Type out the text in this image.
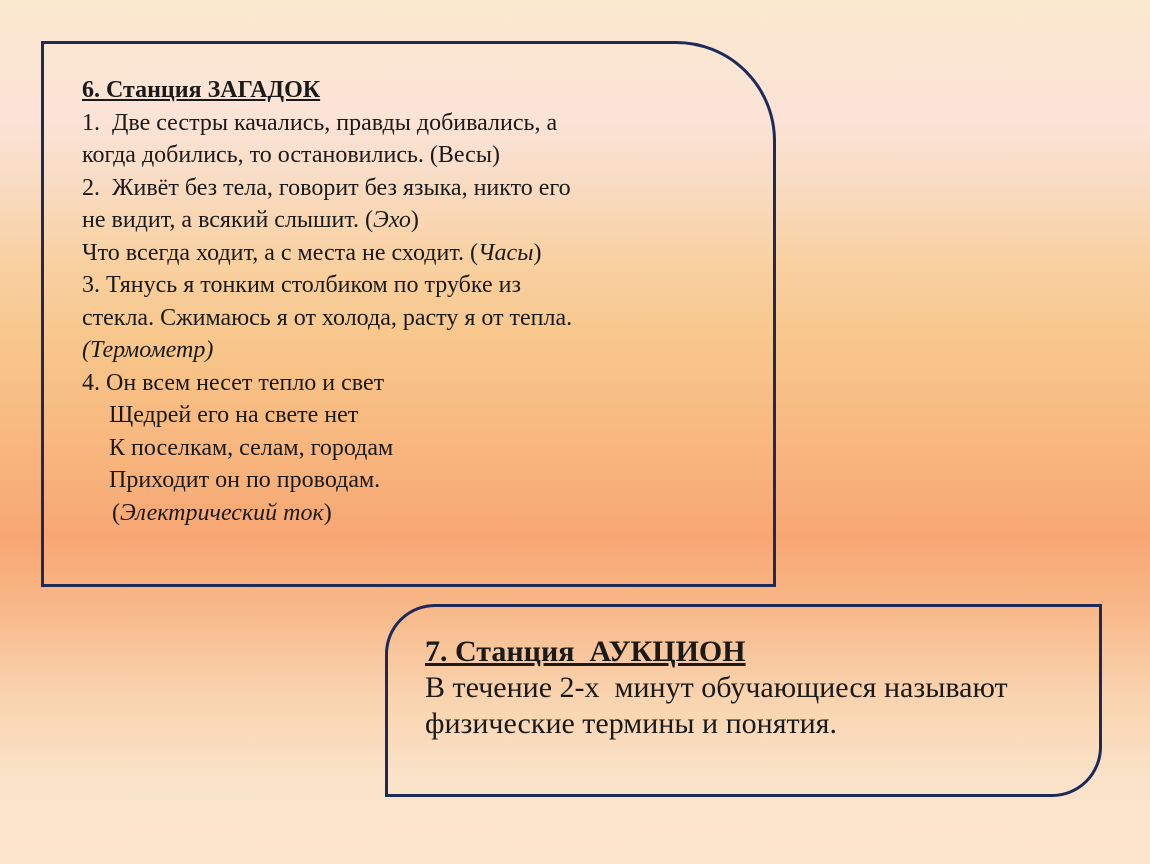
6. Станция ЗАГАДОК
1.  Две сестры качались, правды добивались, а
когда добились, то остановились. (Весы)
2.  Живёт без тела, говорит без языка, никто его
не видит, а всякий слышит. (Эхо)
Что всегда ходит, а с места не сходит. (Часы)
3. Тянусь я тонким столбиком по трубке из
стекла. Сжимаюсь я от холода, расту я от тепла.
(Термометр)
4. Он всем несет тепло и свет
Щедрей его на свете нет
К поселкам, селам, городам
Приходит он по проводам.
(Электрический ток)
7. Станция  АУКЦИОН
В течение 2-х  минут обучающиеся называют
физические термины и понятия.
